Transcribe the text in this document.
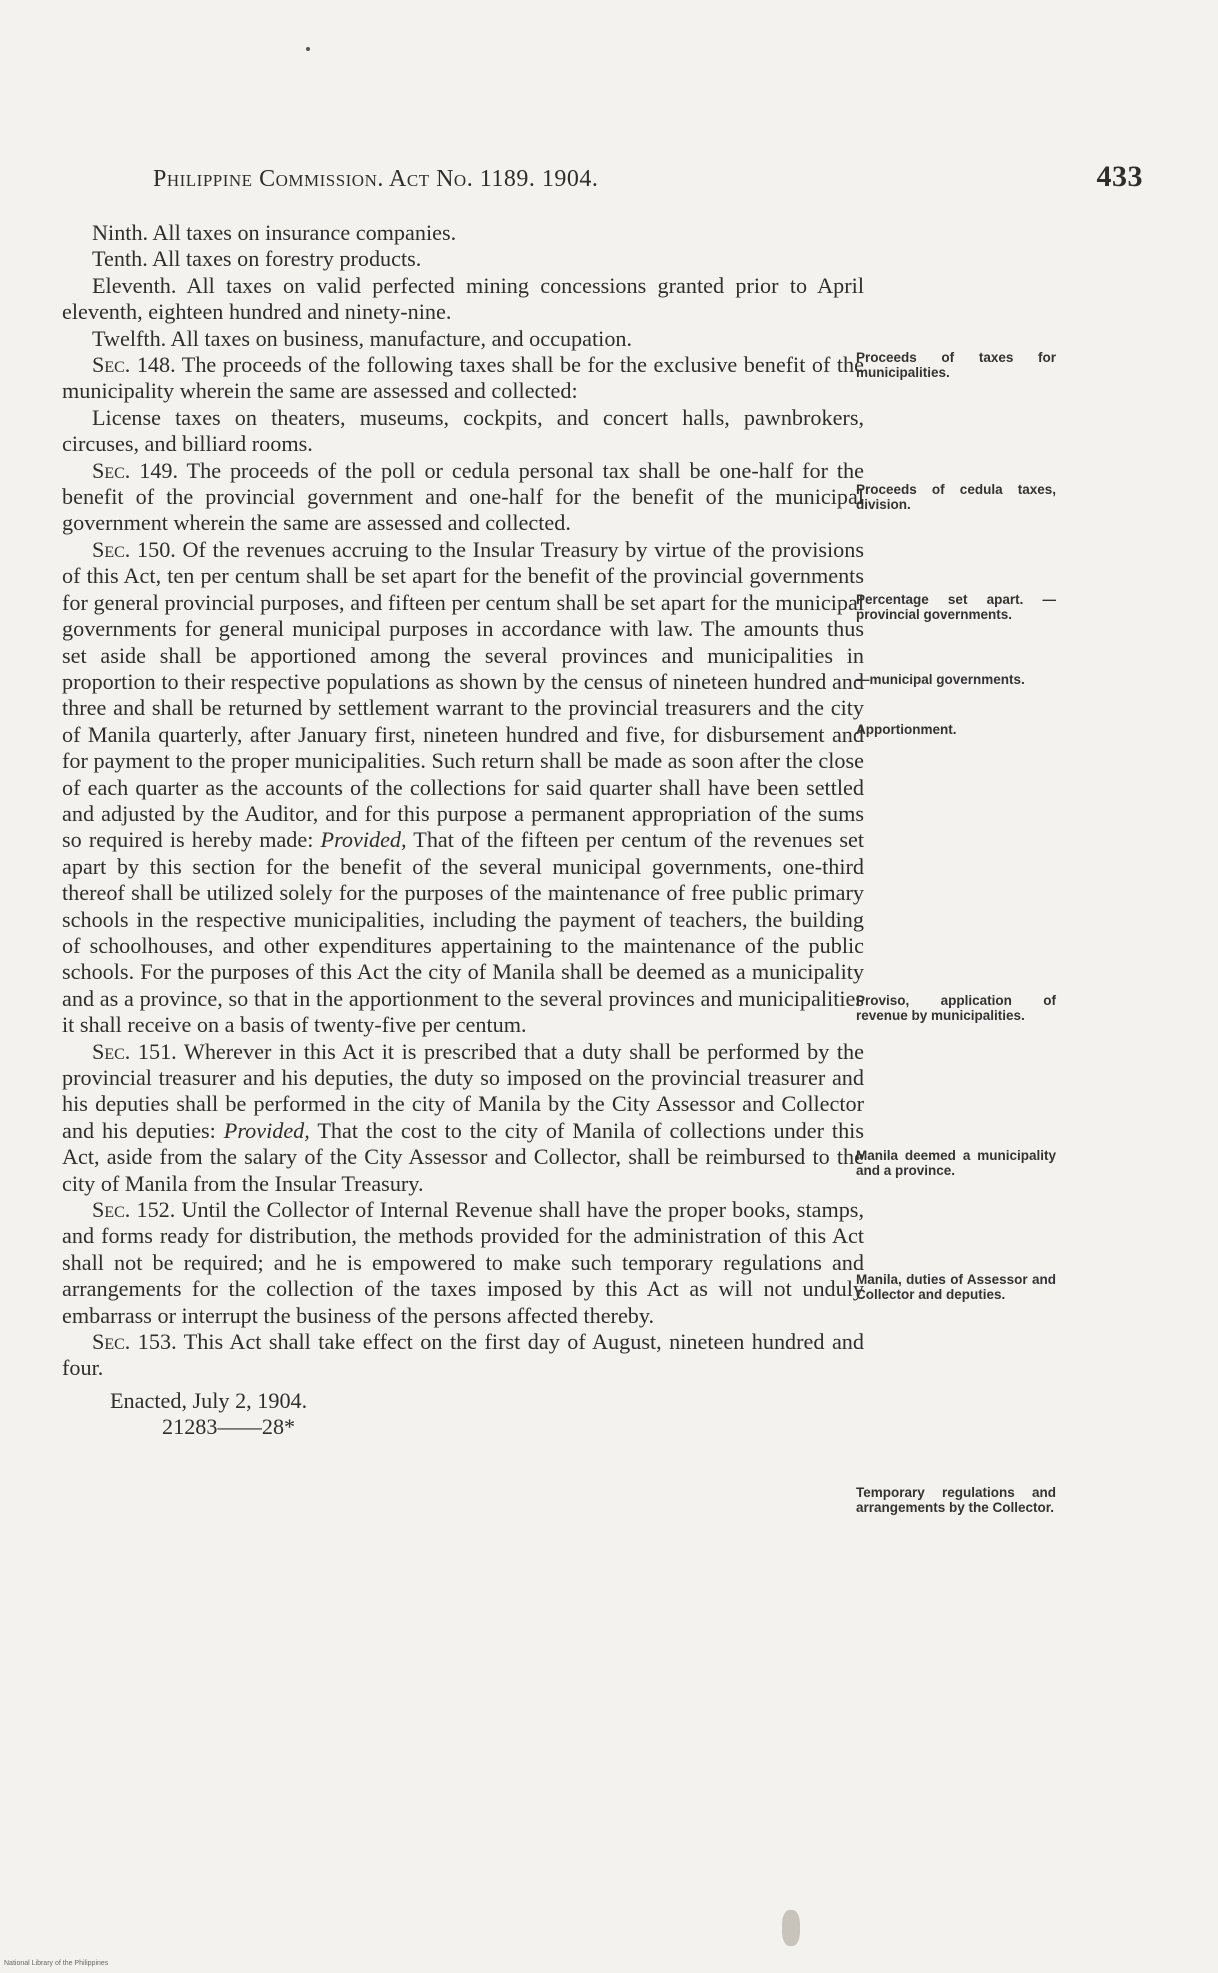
Philippine Commission. Act No. 1189. 1904.	433

Ninth. All taxes on insurance companies.

Tenth. All taxes on forestry products.

Eleventh. All taxes on valid perfected mining concessions granted prior to April eleventh, eighteen hundred and ninety-nine.

Twelfth. All taxes on business, manufacture, and occupation.

Sec. 148. The proceeds of the following taxes shall be for the exclusive benefit of the municipality wherein the same are assessed and collected:

License taxes on theaters, museums, cockpits, and concert halls, pawnbrokers, circuses, and billiard rooms.

Sec. 149. The proceeds of the poll or cedula personal tax shall be one-half for the benefit of the provincial government and one-half for the benefit of the municipal government wherein the same are assessed and collected.

Sec. 150. Of the revenues accruing to the Insular Treasury by virtue of the provisions of this Act, ten per centum shall be set apart for the benefit of the provincial governments for general provincial purposes, and fifteen per centum shall be set apart for the municipal governments for general municipal purposes in accordance with law. The amounts thus set aside shall be apportioned among the several provinces and municipalities in proportion to their respective populations as shown by the census of nineteen hundred and three and shall be returned by settlement warrant to the provincial treasurers and the city of Manila quarterly, after January first, nineteen hundred and five, for disbursement and for payment to the proper municipalities. Such return shall be made as soon after the close of each quarter as the accounts of the collections for said quarter shall have been settled and adjusted by the Auditor, and for this purpose a permanent appropriation of the sums so required is hereby made: Provided, That of the fifteen per centum of the revenues set apart by this section for the benefit of the several municipal governments, one-third thereof shall be utilized solely for the purposes of the maintenance of free public primary schools in the respective municipalities, including the payment of teachers, the building of schoolhouses, and other expenditures appertaining to the maintenance of the public schools. For the purposes of this Act the city of Manila shall be deemed as a municipality and as a province, so that in the apportionment to the several provinces and municipalities it shall receive on a basis of twenty-five per centum.

Sec. 151. Wherever in this Act it is prescribed that a duty shall be performed by the provincial treasurer and his deputies, the duty so imposed on the provincial treasurer and his deputies shall be performed in the city of Manila by the City Assessor and Collector and his deputies: Provided, That the cost to the city of Manila of collections under this Act, aside from the salary of the City Assessor and Collector, shall be reimbursed to the city of Manila from the Insular Treasury.

Sec. 152. Until the Collector of Internal Revenue shall have the proper books, stamps, and forms ready for distribution, the methods provided for the administration of this Act shall not be required; and he is empowered to make such temporary regulations and arrangements for the collection of the taxes imposed by this Act as will not unduly embarrass or interrupt the business of the persons affected thereby.

Sec. 153. This Act shall take effect on the first day of August, nineteen hundred and four.

Enacted, July 2, 1904.

21283——28*

Proceeds of taxes for municipalities.
Proceeds of cedula taxes, division.
Percentage set apart. —provincial governments.
—municipal governments.
Apportionment.
Proviso, application of revenue by municipalities.
Manila deemed a municipality and a province.
Manila, duties of Assessor and Collector and deputies.
Temporary regulations and arrangements by the Collector.
National Library of the Philippines
